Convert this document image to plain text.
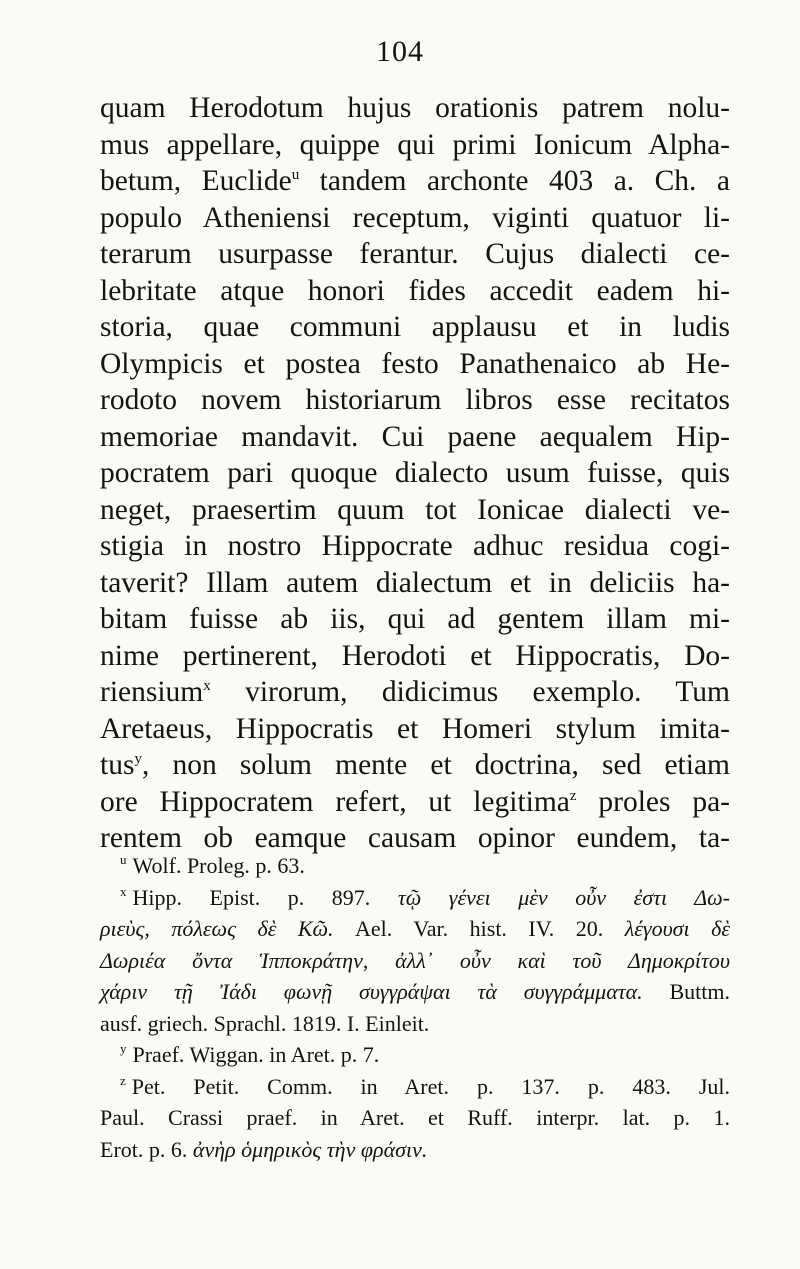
104
quam Herodotum hujus orationis patrem nolu-
mus appellare, quippe qui primi Ionicum Alpha-
betum, Euclide$^u$ tandem archonte 403 a. Ch. a
populo Atheniensi receptum, viginti quatuor li-
terarum usurpasse ferantur. Cujus dialecti ce-
lebritate atque honori fides accedit eadem hi-
storia, quae communi applausu et in ludis
Olympicis et postea festo Panathenaico ab He-
rodoto novem historiarum libros esse recitatos
memoriae mandavit. Cui paene aequalem Hip-
pocratem pari quoque dialecto usum fuisse, quis
neget, praesertim quum tot Ionicae dialecti ve-
stigia in nostro Hippocrate adhuc residua cogi-
taverit? Illam autem dialectum et in deliciis ha-
bitam fuisse ab iis, qui ad gentem illam mi-
nime pertinerent, Herodoti et Hippocratis, Do-
riensium$^x$ virorum, didicimus exemplo. Tum
Aretaeus, Hippocratis et Homeri stylum imita-
tus$^y$, non solum mente et doctrina, sed etiam
ore Hippocratem refert, ut legitima$^z$ proles pa-
rentem ob eamque causam opinor eundem, ta-
$^u$ Wolf. Proleg. p. 63.
$^x$ Hipp. Epist. p. 897. τῷ γένει μὲν οὖν ἐστι Δω-
ριεὺς, πόλεως δὲ Κῶ. Ael. Var. hist. IV. 20. λέγουσι δὲ
Δωριέα ὄντα Ἱπποκράτην, ἀλλ᾿ οὖν καὶ τοῦ Δημοκρίτου
χάριν τῇ Ἰάδι φωνῇ συγγράψαι τὰ συγγράμματα. Buttm.
ausf. griech. Sprachl. 1819. I. Einleit.
$^y$ Praef. Wiggan. in Aret. p. 7.
$^z$ Pet. Petit. Comm. in Aret. p. 137. p. 483. Jul.
Paul. Crassi praef. in Aret. et Ruff. interpr. lat. p. 1.
Erot. p. 6. ἀνὴρ ὁμηρικὸς τὴν φράσιν.
